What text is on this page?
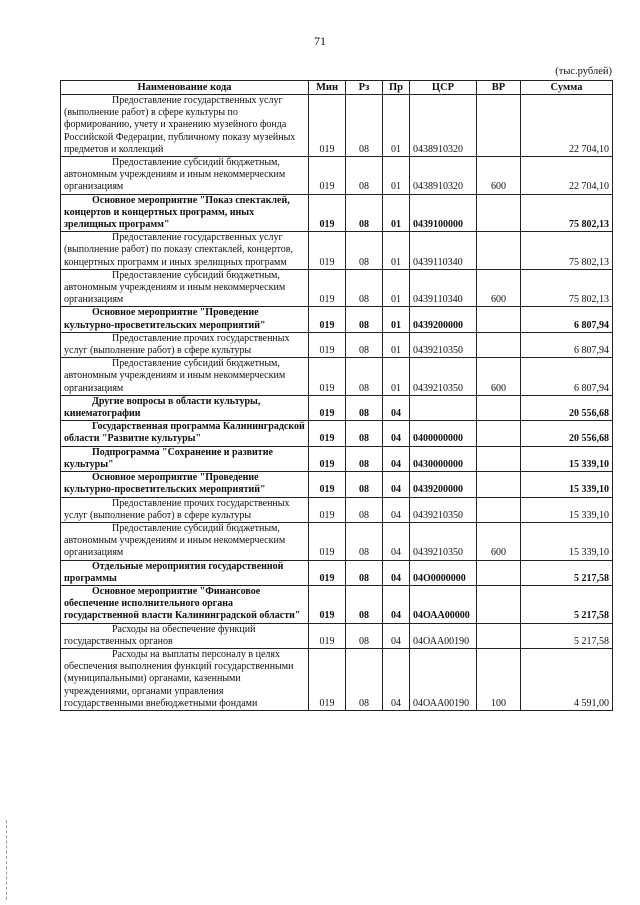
71
(тыс.рублей)
Наименование кода	Мин	Рз	Пр	ЦСР	ВР	Сумма

Предоставление государственных услуг (выполнение работ) в сфере культуры по формированию, учету и хранению музейного фонда Российской Федерации, публичному показу музейных предметов и коллекций	019	08	01	0438910320		22 704,10

Предоставление субсидий бюджетным, автономным учреждениям и иным некоммерческим организациям	019	08	01	0438910320	600	22 704,10

Основное мероприятие "Показ спектаклей, концертов и концертных программ, иных зрелищных программ"	019	08	01	0439100000		75 802,13

Предоставление государственных услуг (выполнение работ) по показу спектаклей, концертов, концертных программ и иных зрелищных программ	019	08	01	0439110340		75 802,13

Предоставление субсидий бюджетным, автономным учреждениям и иным некоммерческим организациям	019	08	01	0439110340	600	75 802,13

Основное мероприятие "Проведение культурно-просветительских мероприятий"	019	08	01	0439200000		6 807,94

Предоставление прочих государственных услуг (выполнение работ) в сфере культуры	019	08	01	0439210350		6 807,94

Предоставление субсидий бюджетным, автономным учреждениям и иным некоммерческим организациям	019	08	01	0439210350	600	6 807,94

Другие вопросы в области культуры, кинематографии	019	08	04			20 556,68

Государственная программа Калининградской области "Развитие культуры"	019	08	04	0400000000		20 556,68

Подпрограмма "Сохранение и развитие культуры"	019	08	04	0430000000		15 339,10

Основное мероприятие "Проведение культурно-просветительских мероприятий"	019	08	04	0439200000		15 339,10

Предоставление прочих государственных услуг (выполнение работ) в сфере культуры	019	08	04	0439210350		15 339,10

Предоставление субсидий бюджетным, автономным учреждениям и иным некоммерческим организациям	019	08	04	0439210350	600	15 339,10

Отдельные мероприятия государственной программы	019	08	04	04О0000000		5 217,58

Основное мероприятие "Финансовое обеспечение исполнительного органа государственной власти Калининградской области"	019	08	04	04ОАА00000		5 217,58

Расходы на обеспечение функций государственных органов	019	08	04	04ОАА00190		5 217,58

Расходы на выплаты персоналу в целях обеспечения выполнения функций государственными (муниципальными) органами, казенными учреждениями, органами управления государственными внебюджетными фондами	019	08	04	04ОАА00190	100	4 591,00
